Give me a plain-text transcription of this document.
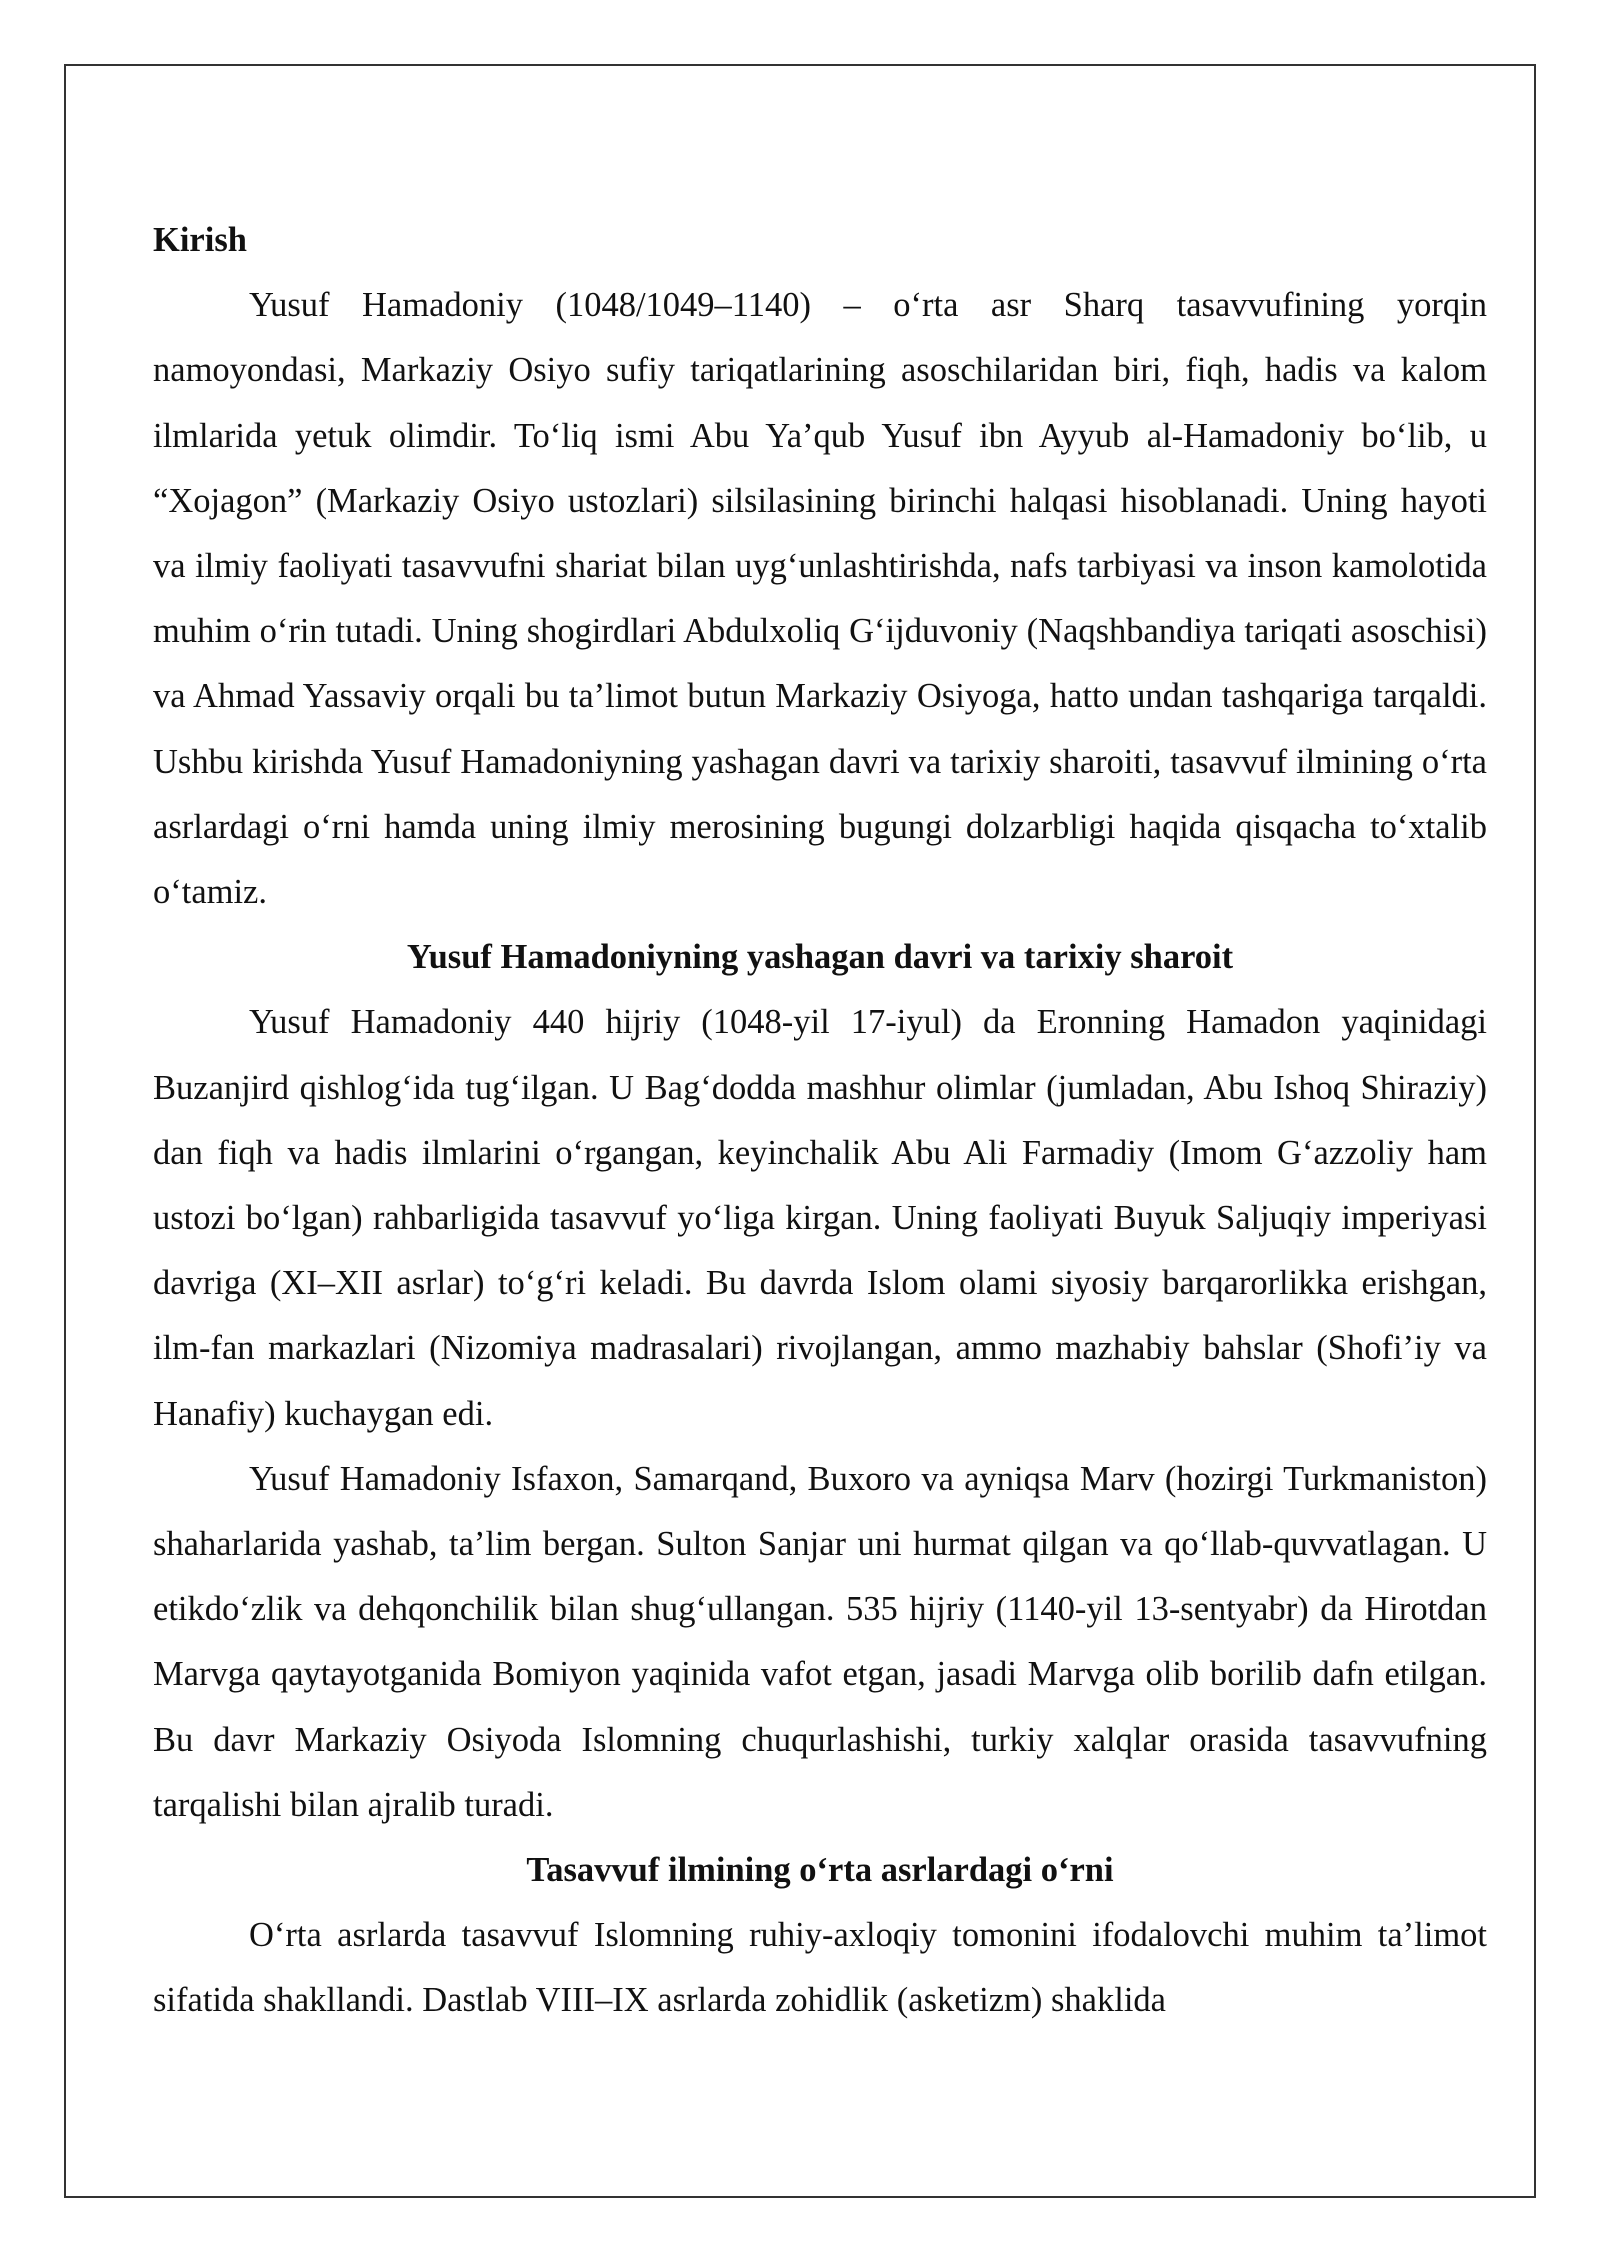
Kirish

Yusuf Hamadoniy (1048/1049–1140) – o‘rta asr Sharq tasavvufining yorqin namoyondasi, Markaziy Osiyo sufiy tariqatlarining asoschilaridan biri, fiqh, hadis va kalom ilmlarida yetuk olimdir. To‘liq ismi Abu Ya’qub Yusuf ibn Ayyub al-Hamadoniy bo‘lib, u “Xojagon” (Markaziy Osiyo ustozlari) silsilasining birinchi halqasi hisoblanadi. Uning hayoti va ilmiy faoliyati tasavvufni shariat bilan uyg‘unlashtirishda, nafs tarbiyasi va inson kamolotida muhim o‘rin tutadi. Uning shogirdlari Abdulxoliq G‘ijduvoniy (Naqshbandiya tariqati asoschisi) va Ahmad Yassaviy orqali bu ta’limot butun Markaziy Osiyoga, hatto undan tashqariga tarqaldi. Ushbu kirishda Yusuf Hamadoniyning yashagan davri va tarixiy sharoiti, tasavvuf ilmining o‘rta asrlardagi o‘rni hamda uning ilmiy merosining bugungi dolzarbligi haqida qisqacha to‘xtalib o‘tamiz.

Yusuf Hamadoniyning yashagan davri va tarixiy sharoit

Yusuf Hamadoniy 440 hijriy (1048-yil 17-iyul) da Eronning Hamadon yaqinidagi Buzanjird qishlog‘ida tug‘ilgan. U Bag‘dodda mashhur olimlar (jumladan, Abu Ishoq Shiraziy) dan fiqh va hadis ilmlarini o‘rgangan, keyinchalik Abu Ali Farmadiy (Imom G‘azzoliy ham ustozi bo‘lgan) rahbarligida tasavvuf yo‘liga kirgan. Uning faoliyati Buyuk Saljuqiy imperiyasi davriga (XI–XII asrlar) to‘g‘ri keladi. Bu davrda Islom olami siyosiy barqarorlikka erishgan, ilm-fan markazlari (Nizomiya madrasalari) rivojlangan, ammo mazhabiy bahslar (Shofi’iy va Hanafiy) kuchaygan edi.

Yusuf Hamadoniy Isfaxon, Samarqand, Buxoro va ayniqsa Marv (hozirgi Turkmaniston) shaharlarida yashab, ta’lim bergan. Sulton Sanjar uni hurmat qilgan va qo‘llab-quvvatlagan. U etikdo‘zlik va dehqonchilik bilan shug‘ullangan. 535 hijriy (1140-yil 13-sentyabr) da Hirotdan Marvga qaytayotganida Bomiyon yaqinida vafot etgan, jasadi Marvga olib borilib dafn etilgan. Bu davr Markaziy Osiyoda Islomning chuqurlashishi, turkiy xalqlar orasida tasavvufning tarqalishi bilan ajralib turadi.

Tasavvuf ilmining o‘rta asrlardagi o‘rni

O‘rta asrlarda tasavvuf Islomning ruhiy-axloqiy tomonini ifodalovchi muhim ta’limot sifatida shakllandi. Dastlab VIII–IX asrlarda zohidlik (asketizm) shaklida
